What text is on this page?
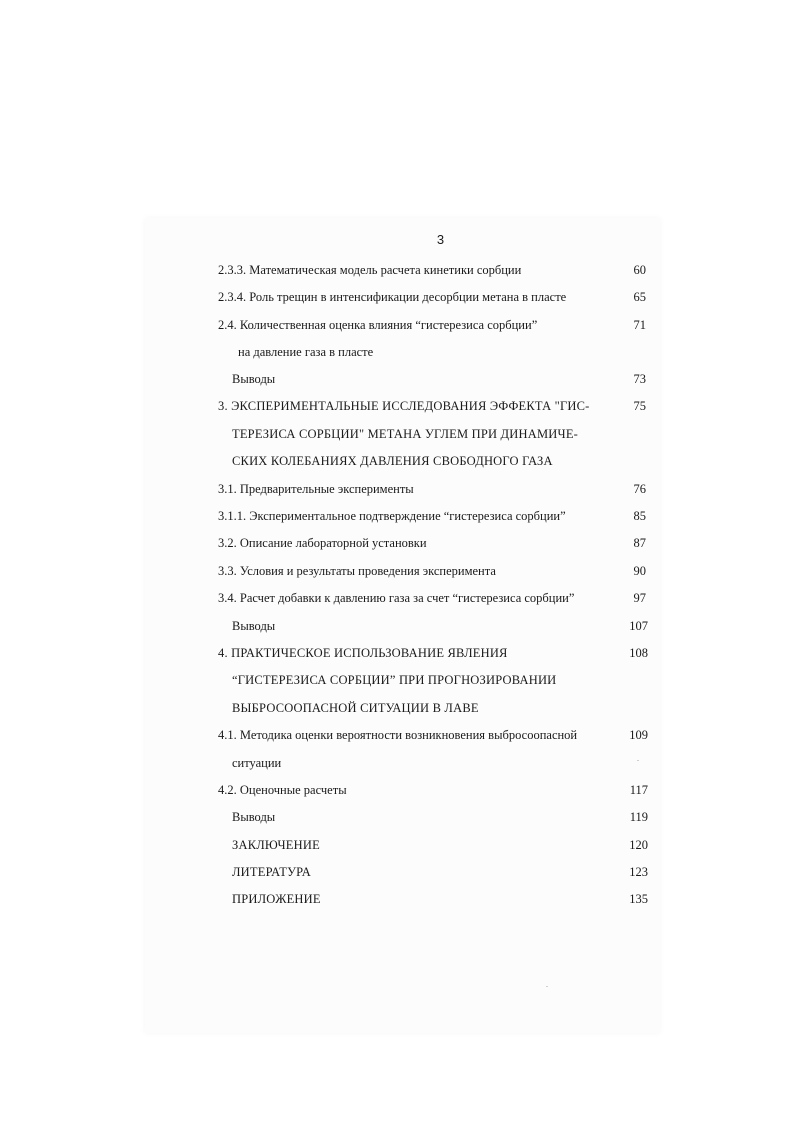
3
2.3.3. Математическая модель расчета кинетики сорбции	60
2.3.4. Роль трещин в интенсификации десорбции метана в пласте	65
2.4. Количественная оценка влияния “гистерезиса сорбции”	71
на давление газа в пласте
Выводы	73
3. ЭКСПЕРИМЕНТАЛЬНЫЕ ИССЛЕДОВАНИЯ ЭФФЕКТА "ГИС-	75
ТЕРЕЗИСА СОРБЦИИ" МЕТАНА УГЛЕМ ПРИ ДИНАМИЧЕ-
СКИХ КОЛЕБАНИЯХ ДАВЛЕНИЯ СВОБОДНОГО ГАЗА
3.1. Предварительные эксперименты	76
3.1.1. Экспериментальное подтверждение “гистерезиса сорбции”	85
3.2. Описание лабораторной установки	87
3.3. Условия и результаты проведения эксперимента	90
3.4. Расчет добавки к давлению газа за счет “гистерезиса сорбции”	97
Выводы	107
4. ПРАКТИЧЕСКОЕ ИСПОЛЬЗОВАНИЕ ЯВЛЕНИЯ	108
“ГИСТЕРЕЗИСА СОРБЦИИ” ПРИ ПРОГНОЗИРОВАНИИ
ВЫБРОСООПАСНОЙ СИТУАЦИИ В ЛАВЕ
4.1. Методика оценки вероятности возникновения выбросоопасной	109
ситуации
4.2. Оценочные расчеты	117
Выводы	119
ЗАКЛЮЧЕНИЕ	120
ЛИТЕРАТУРА	123
ПРИЛОЖЕНИЕ	135
